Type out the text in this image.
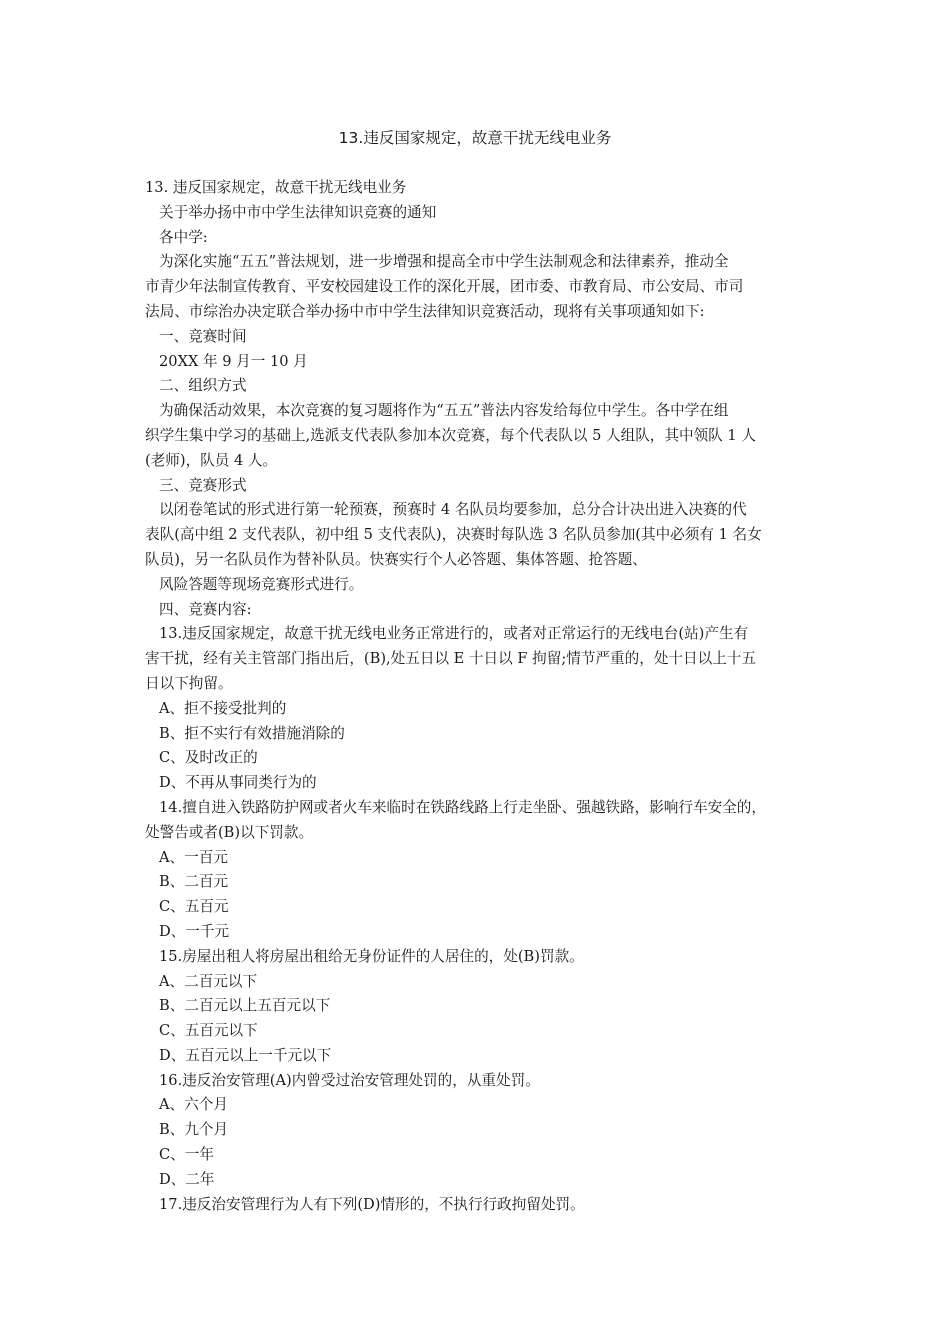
13.违反国家规定，故意干扰无线电业务
13. 违反国家规定，故意干扰无线电业务
关于举办扬中市中学生法律知识竞赛的通知
各中学:
为深化实施“五五”普法规划，进一步增强和提高全市中学生法制观念和法律素养，推动全
市青少年法制宣传教育、平安校园建设工作的深化开展，团市委、市教育局、市公安局、市司
法局、市综治办决定联合举办扬中市中学生法律知识竞赛活动，现将有关事项通知如下:
一、竞赛时间
20XX 年 9 月一 10 月
二、组织方式
为确保活动效果，本次竞赛的复习题将作为“五五”普法内容发给每位中学生。各中学在组
织学生集中学习的基础上,选派支代表队参加本次竞赛，每个代表队以 5 人组队，其中领队 1 人
(老师)，队员 4 人。
三、竞赛形式
以闭卷笔试的形式进行第一轮预赛，预赛时 4 名队员均要参加，总分合计决出进入决赛的代
表队(高中组 2 支代表队，初中组 5 支代表队)，决赛时每队选 3 名队员参加(其中必须有 1 名女
队员)，另一名队员作为替补队员。快赛实行个人必答题、集体答题、抢答题、
风险答题等现场竞赛形式进行。
四、竞赛内容:
13.违反国家规定，故意干扰无线电业务正常进行的，或者对正常运行的无线电台(站)产生有
害干扰，经有关主管部门指出后，(B),处五日以 E 十日以 F 拘留;情节严重的，处十日以上十五
日以下拘留。
A、拒不接受批判的
B、拒不实行有效措施消除的
C、及时改正的
D、不再从事同类行为的
14.擅自进入铁路防护网或者火车来临时在铁路线路上行走坐卧、强越铁路，影响行车安全的，
处警告或者(B)以下罚款。
A、一百元
B、二百元
C、五百元
D、一千元
15.房屋出租人将房屋出租给无身份证件的人居住的，处(B)罚款。
A、二百元以下
B、二百元以上五百元以下
C、五百元以下
D、五百元以上一千元以下
16.违反治安管理(A)内曾受过治安管理处罚的，从重处罚。
A、六个月
B、九个月
C、一年
D、二年
17.违反治安管理行为人有下列(D)情形的，不执行行政拘留处罚。
